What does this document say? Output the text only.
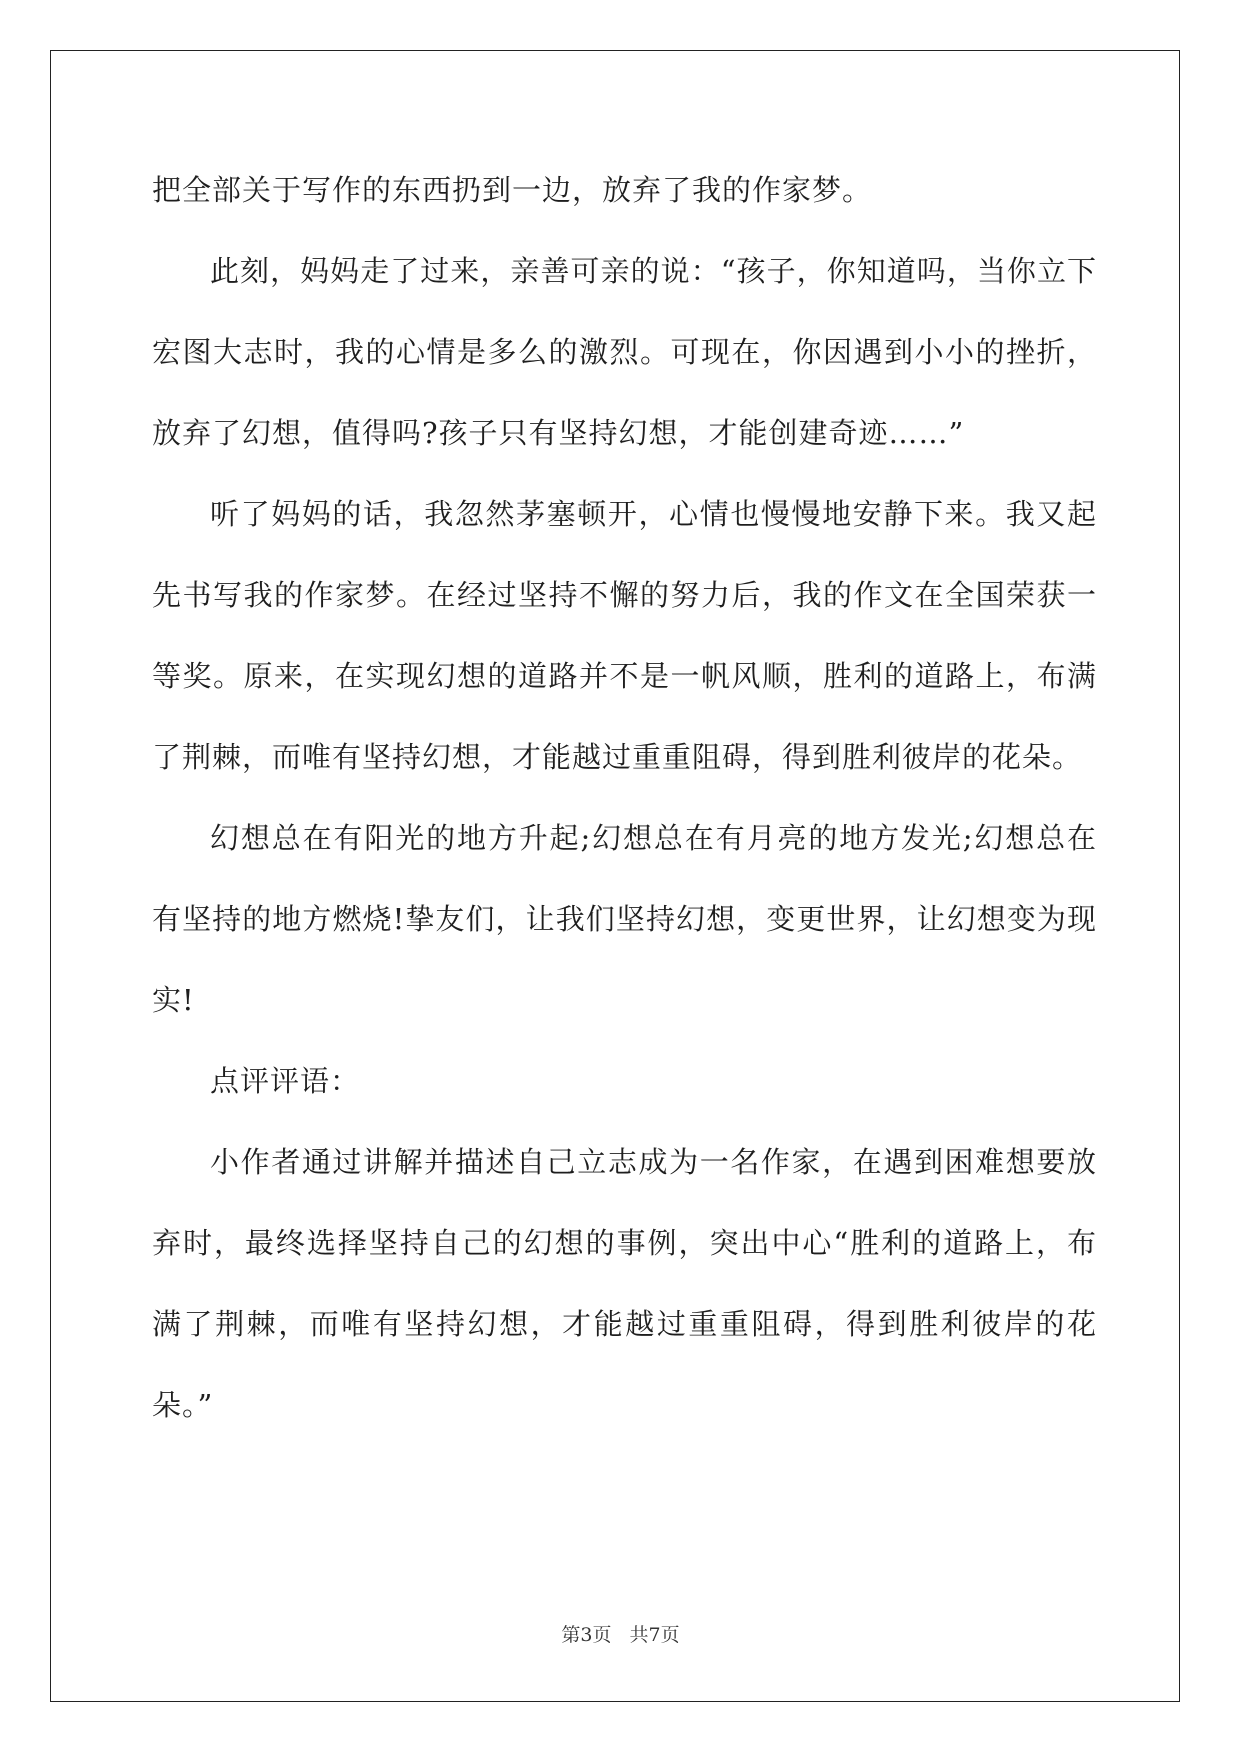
把全部关于写作的东西扔到一边，放弃了我的作家梦。

此刻，妈妈走了过来，亲善可亲的说：“孩子，你知道吗，当你立下宏图大志时，我的心情是多么的激烈。可现在，你因遇到小小的挫折，放弃了幻想，值得吗?孩子只有坚持幻想，才能创建奇迹……”

听了妈妈的话，我忽然茅塞顿开，心情也慢慢地安静下来。我又起先书写我的作家梦。在经过坚持不懈的努力后，我的作文在全国荣获一等奖。原来，在实现幻想的道路并不是一帆风顺，胜利的道路上，布满了荆棘，而唯有坚持幻想，才能越过重重阻碍，得到胜利彼岸的花朵。

幻想总在有阳光的地方升起;幻想总在有月亮的地方发光;幻想总在有坚持的地方燃烧!挚友们，让我们坚持幻想，变更世界，让幻想变为现实!

点评评语：

小作者通过讲解并描述自己立志成为一名作家，在遇到困难想要放弃时，最终选择坚持自己的幻想的事例，突出中心“胜利的道路上，布满了荆棘，而唯有坚持幻想，才能越过重重阻碍，得到胜利彼岸的花朵。”

第3页 共7页
